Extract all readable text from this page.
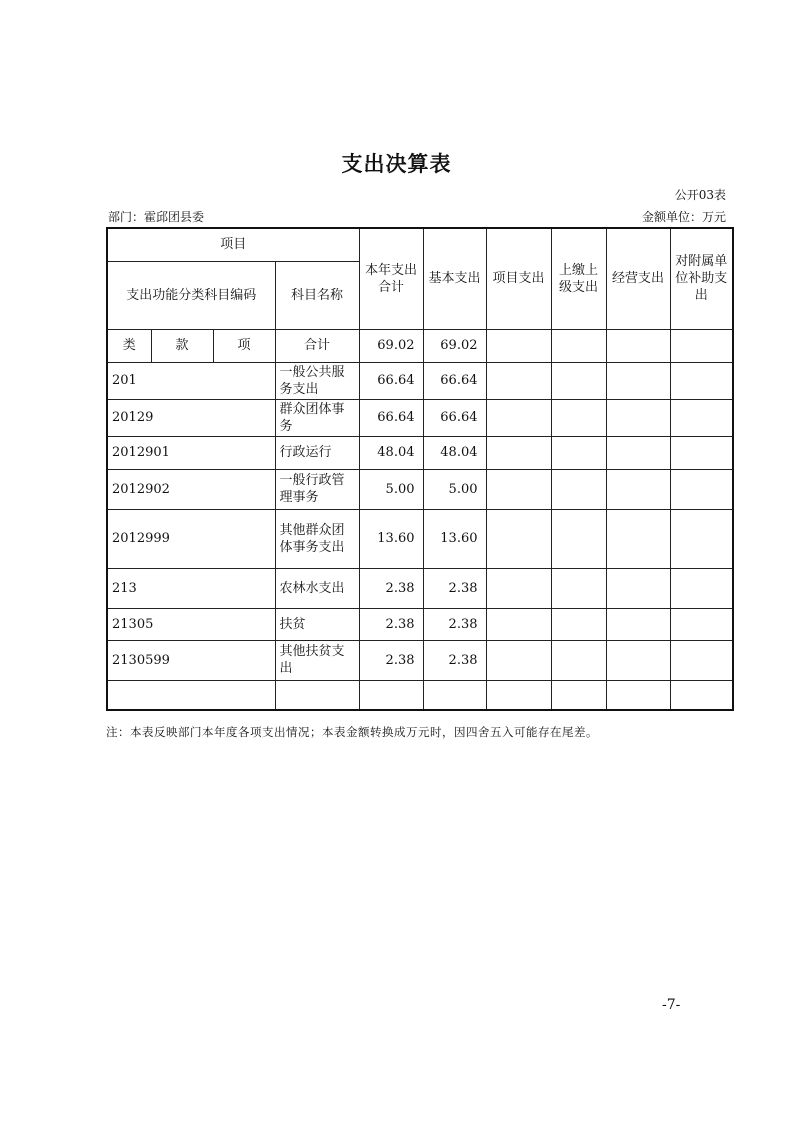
支出决算表
公开03表
部门：霍邱团县委	金额单位：万元
项目				本年支出合计	基本支出	项目支出	上缴上级支出	经营支出	对附属单位补助支出
支出功能分类科目编码			科目名称						
类	款	项	合计	69.02	69.02				
201			一般公共服务支出	66.64	66.64				
20129			群众团体事务	66.64	66.64				
2012901			行政运行	48.04	48.04				
2012902			一般行政管理事务	5.00	5.00				
2012999			其他群众团体事务支出	13.60	13.60				
213			农林水支出	2.38	2.38				
21305			扶贫	2.38	2.38				
2130599			其他扶贫支出	2.38	2.38				

注：本表反映部门本年度各项支出情况；本表金额转换成万元时，因四舍五入可能存在尾差。
-7-
